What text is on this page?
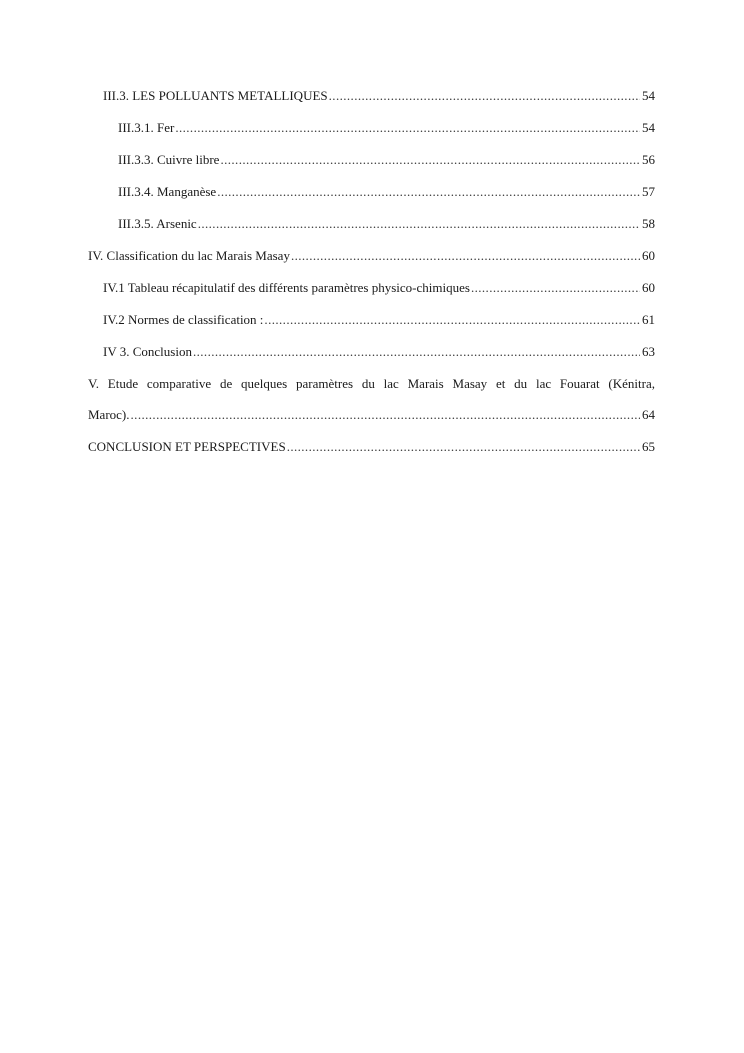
III.3. LES POLLUANTS METALLIQUES .....	54
III.3.1. Fer .....	54
III.3.3. Cuivre libre .....	56
III.3.4. Manganèse .....	57
III.3.5. Arsenic .....	58
IV. Classification du lac Marais Masay .....	60
IV.1 Tableau récapitulatif des différents paramètres physico-chimiques .....	60
IV.2 Normes de classification : .....	61
IV 3. Conclusion .....	63
V. Etude comparative de quelques paramètres du lac Marais Masay et du lac Fouarat (Kénitra,
Maroc). .....	64
CONCLUSION ET PERSPECTIVES .....	65
